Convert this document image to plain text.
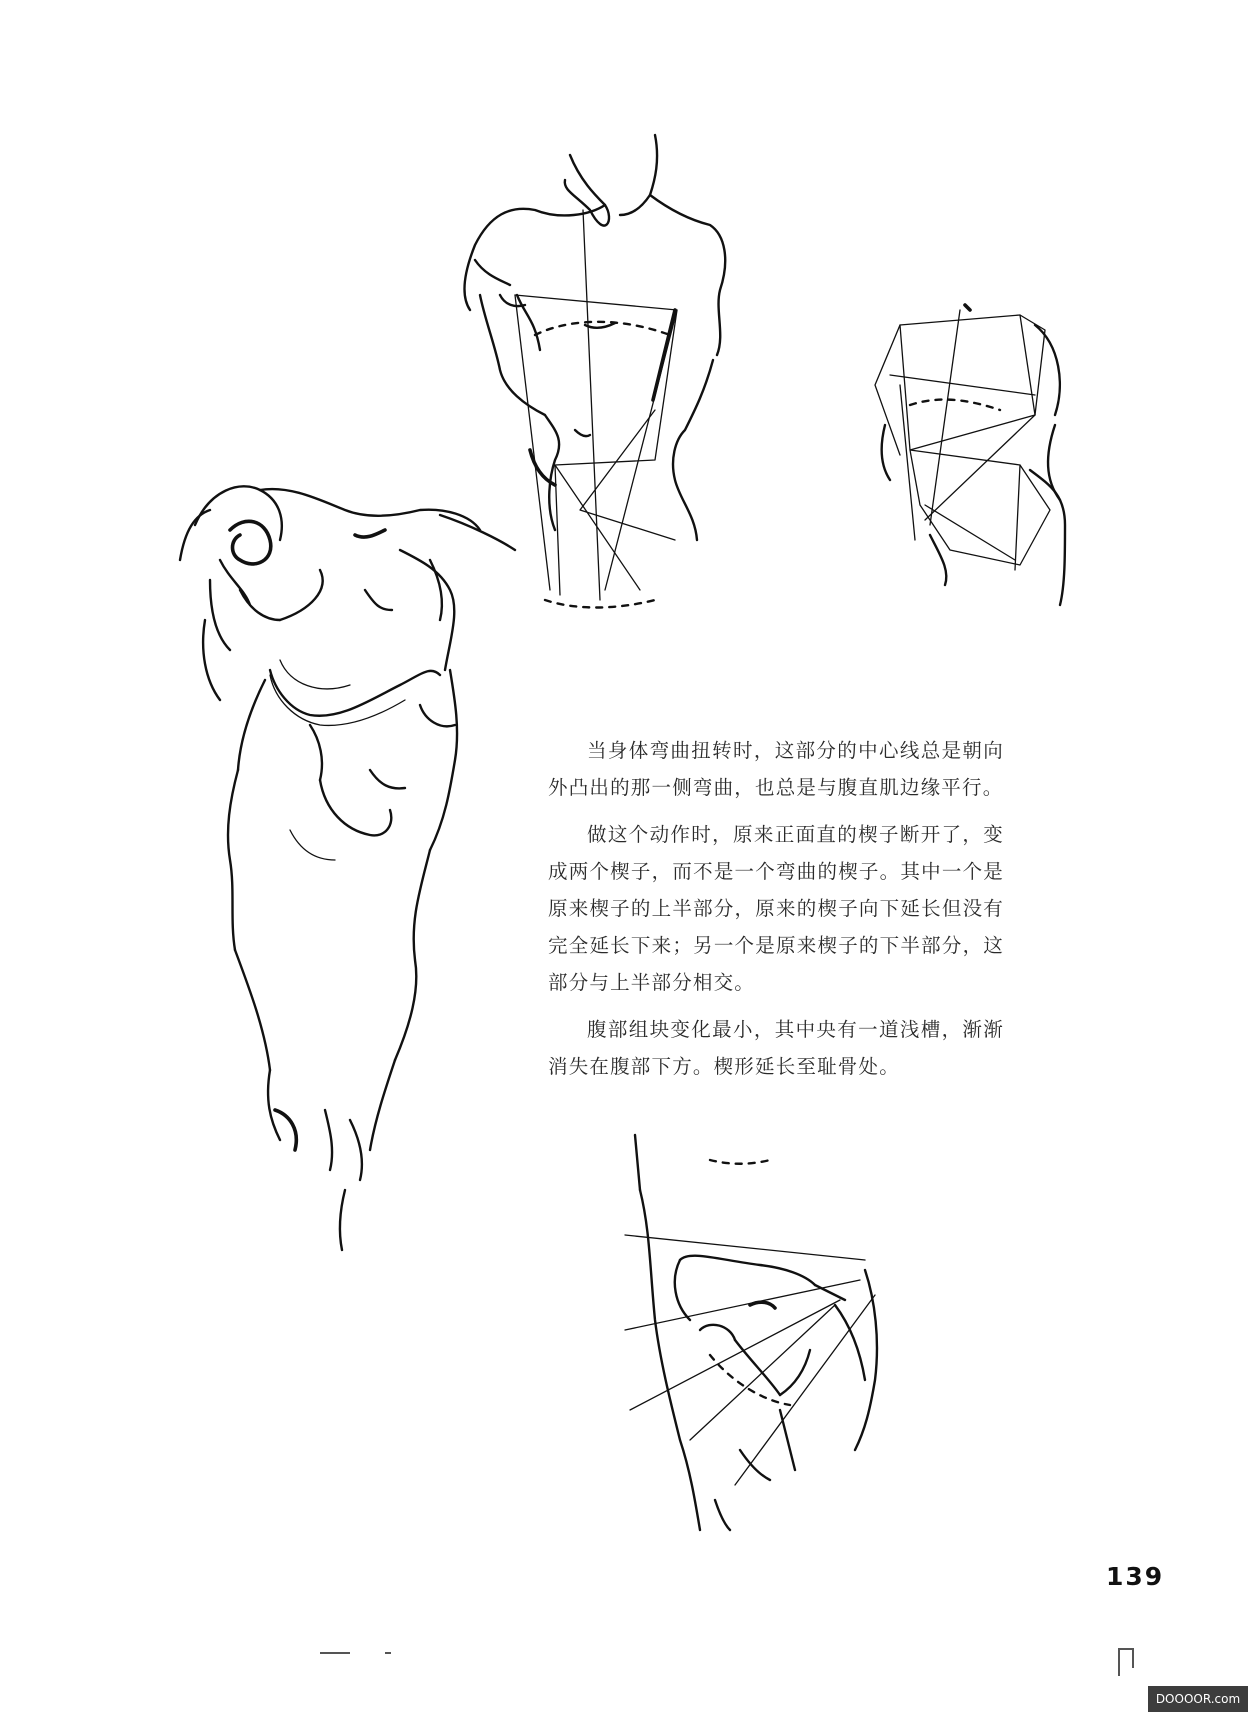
当身体弯曲扭转时，这部分的中心线总是朝向外凸出的那一侧弯曲，也总是与腹直肌边缘平行。

做这个动作时，原来正面直的楔子断开了，变成两个楔子，而不是一个弯曲的楔子。其中一个是原来楔子的上半部分，原来的楔子向下延长但没有完全延长下来；另一个是原来楔子的下半部分，这部分与上半部分相交。

腹部组块变化最小，其中央有一道浅槽，渐渐消失在腹部下方。楔形延长至耻骨处。

139
DOOOOR.com
